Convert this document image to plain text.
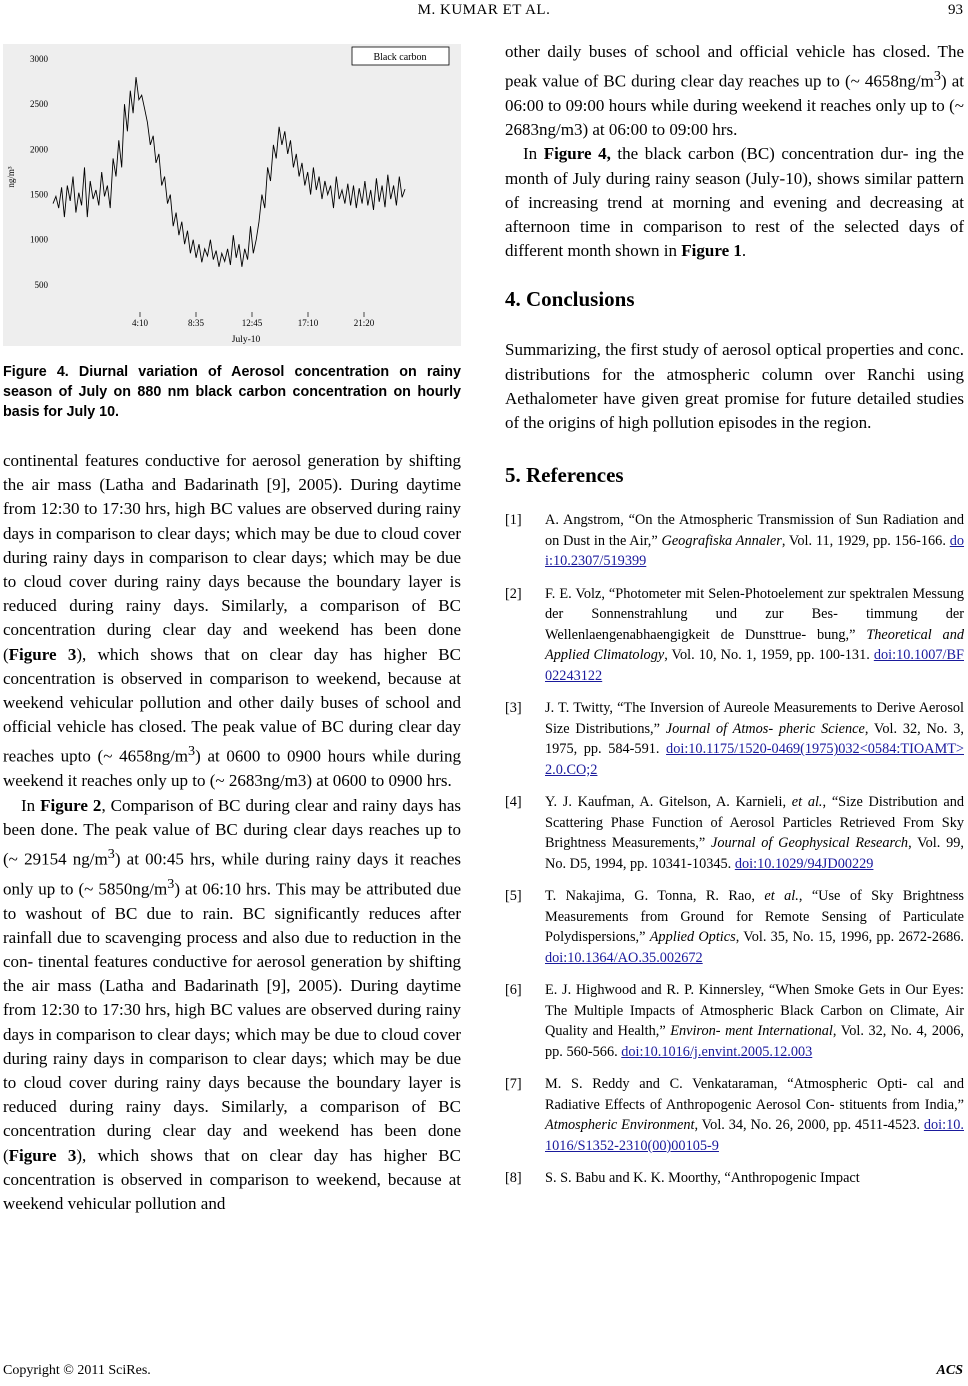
M. KUMAR ET AL.	93
500
1000
1500
2000
2500
3000
4:10	8:35	12:45	17:10	21:20
Black carbon
ng/m³
July-10
Figure 4. Diurnal variation of Aerosol concentration on rainy season of July on 880 nm black carbon concentration on hourly basis for July 10.

continental features conductive for aerosol generation by shifting the air mass (Latha and Badarinath [9], 2005). During daytime from 12:30 to 17:30 hrs, high BC values are observed during rainy days in comparison to clear days; which may be due to cloud cover during rainy days in comparison to clear days; which may be due to cloud cover during rainy days because the boundary layer is reduced during rainy days. Similarly, a comparison of BC concentration during clear day and weekend has been done (Figure 3), which shows that on clear day has higher BC concentration is observed in comparison to weekend, because at weekend vehicular pollution and other daily buses of school and official vehicle has closed. The peak value of BC during clear day reaches upto (~ $4658ng/m^3$) at 0600 to 0900 hours while during weekend it reaches only up to (~ 2683ng/m3) at 0600 to 0900 hrs.

In Figure 2, Comparison of BC during clear and rainy days has been done. The peak value of BC during clear days reaches up to (~ 29154 $ng/m^3$) at 00:45 hrs, while during rainy days it reaches only up to (~ $5850ng/m^3$) at 06:10 hrs. This may be attributed due to washout of BC due to rain. BC significantly reduces after rainfall due to scavenging process and also due to reduction in the con- tinental features conductive for aerosol generation by shifting the air mass (Latha and Badarinath [9], 2005). During daytime from 12:30 to 17:30 hrs, high BC values are observed during rainy days in comparison to clear days; which may be due to cloud cover during rainy days in comparison to clear days; which may be due to cloud cover during rainy days because the boundary layer is reduced during rainy days. Similarly, a comparison of BC concentration during clear day and weekend has been done (Figure 3), which shows that on clear day has higher BC concentration is observed in comparison to weekend, because at weekend vehicular pollution and

other daily buses of school and official vehicle has closed. The peak value of BC during clear day reaches up to (~ $4658ng/m^3$) at 06:00 to 09:00 hours while during weekend it reaches only up to (~ 2683ng/m3) at 06:00 to 09:00 hrs.

In Figure 4, the black carbon (BC) concentration dur- ing the month of July during rainy season (July-10), shows similar pattern of increasing trend at morning and evening and decreasing at afternoon time in comparison to rest of the selected days of different month shown in Figure 1.

4. Conclusions

Summarizing, the first study of aerosol optical properties and conc. distributions for the atmospheric column over Ranchi using Aethalometer have given great promise for future detailed studies of the origins of high pollution episodes in the region.

5. References
[1] A. Angstrom, “On the Atmospheric Transmission of Sun Radiation and on Dust in the Air,” Geografiska Annaler, Vol. 11, 1929, pp. 156-166. doi:10.2307/519399
[2] F. E. Volz, “Photometer mit Selen-Photoelement zur spektralen Messung der Sonnenstrahlung und zur Bes- timmung der Wellenlaengenabhaengigkeit de Dunsttrue- bung,” Theoretical and Applied Climatology, Vol. 10, No. 1, 1959, pp. 100-131. doi:10.1007/BF02243122
[3] J. T. Twitty, “The Inversion of Aureole Measurements to Derive Aerosol Size Distributions,” Journal of Atmos- pheric Science, Vol. 32, No. 3, 1975, pp. 584-591. doi:10.1175/1520-0469(1975)032<0584:TIOAMT>2.0.CO;2
[4] Y. J. Kaufman, A. Gitelson, A. Karnieli, et al., “Size Distribution and Scattering Phase Function of Aerosol Particles Retrieved From Sky Brightness Measurements,” Journal of Geophysical Research, Vol. 99, No. D5, 1994, pp. 10341-10345. doi:10.1029/94JD00229
[5] T. Nakajima, G. Tonna, R. Rao, et al., “Use of Sky Brightness Measurements from Ground for Remote Sensing of Particulate Polydispersions,” Applied Optics, Vol. 35, No. 15, 1996, pp. 2672-2686. doi:10.1364/AO.35.002672
[6] E. J. Highwood and R. P. Kinnersley, “When Smoke Gets in Our Eyes: The Multiple Impacts of Atmospheric Black Carbon on Climate, Air Quality and Health,” Environ- ment International, Vol. 32, No. 4, 2006, pp. 560-566. doi:10.1016/j.envint.2005.12.003
[7] M. S. Reddy and C. Venkataraman, “Atmospheric Opti- cal and Radiative Effects of Anthropogenic Aerosol Con- stituents from India,” Atmospheric Environment, Vol. 34, No. 26, 2000, pp. 4511-4523. doi:10.1016/S1352-2310(00)00105-9
[8] S. S. Babu and K. K. Moorthy, “Anthropogenic Impact
Copyright © 2011 SciRes.	ACS
